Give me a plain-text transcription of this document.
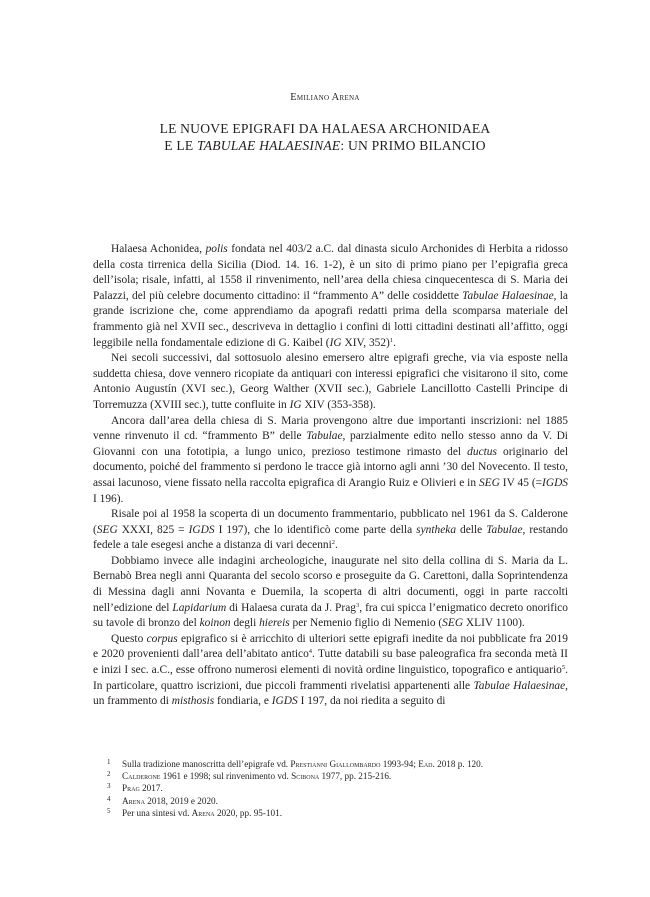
Emiliano Arena
LE NUOVE EPIGRAFI DA HALAESA ARCHONIDAEA
E LE TABULAE HALAESINAE: UN PRIMO BILANCIO

Halaesa Achonidea, polis fondata nel 403/2 a.C. dal dinasta siculo Archonides di Herbita a ridosso della costa tirrenica della Sicilia (Diod. 14. 16. 1-2), è un sito di primo piano per l’epigrafia greca dell’isola; risale, infatti, al 1558 il rinvenimento, nell’area della chiesa cinquecentesca di S. Maria dei Palazzi, del più celebre documento cittadino: il “frammento A” delle cosiddette Tabulae Halaesinae, la grande iscrizione che, come apprendiamo da apografi redatti prima della scomparsa materiale del frammento già nel XVII sec., descriveva in dettaglio i confini di lotti cittadini destinati all’affitto, oggi leggibile nella fondamentale edizione di G. Kaibel (IG XIV, 352)$^1$.

Nei secoli successivi, dal sottosuolo alesino emersero altre epigrafi greche, via via esposte nella suddetta chiesa, dove vennero ricopiate da antiquari con interessi epigrafici che visitarono il sito, come Antonio Augustín (XVI sec.), Georg Walther (XVII sec.), Gabriele Lancillotto Castelli Principe di Torremuzza (XVIII sec.), tutte confluite in IG XIV (353-358).

Ancora dall’area della chiesa di S. Maria provengono altre due importanti inscrizioni: nel 1885 venne rinvenuto il cd. “frammento B” delle Tabulae, parzialmente edito nello stesso anno da V. Di Giovanni con una fototipia, a lungo unico, prezioso testimone rimasto del ductus originario del documento, poiché del frammento si perdono le tracce già intorno agli anni ’30 del Novecento. Il testo, assai lacunoso, viene fissato nella raccolta epigrafica di Arangio Ruiz e Olivieri e in SEG IV 45 (=IGDS I 196).

Risale poi al 1958 la scoperta di un documento frammentario, pubblicato nel 1961 da S. Calderone (SEG XXXI, 825 = IGDS I 197), che lo identificò come parte della syntheka delle Tabulae, restando fedele a tale esegesi anche a distanza di vari decenni$^2$.

Dobbiamo invece alle indagini archeologiche, inaugurate nel sito della collina di S. Maria da L. Bernabò Brea negli anni Quaranta del secolo scorso e proseguite da G. Carettoni, dalla Soprintendenza di Messina dagli anni Novanta e Duemila, la scoperta di altri documenti, oggi in parte raccolti nell’edizione del Lapidarium di Halaesa curata da J. Prag$^3$, fra cui spicca l’enigmatico decreto onorifico su tavole di bronzo del koinon degli hiereis per Nemenio figlio di Nemenio (SEG XLIV 1100).

Questo corpus epigrafico si è arricchito di ulteriori sette epigrafi inedite da noi pubblicate fra 2019 e 2020 provenienti dall’area dell’abitato antico$^4$. Tutte databili su base paleografica fra seconda metà II e inizi I sec. a.C., esse offrono numerosi elementi di novità ordine linguistico, topografico e antiquario$^5$. In particolare, quattro iscrizioni, due piccoli frammenti rivelatisi appartenenti alle Tabulae Halaesinae, un frammento di misthosis fondiaria, e IGDS I 197, da noi riedita a seguito di

1 Sulla tradizione manoscritta dell’epigrafe vd. Prestianni Giallombardo 1993-94; Ead. 2018 p. 120.
2 Calderone 1961 e 1998; sul rinvenimento vd. Scibona 1977, pp. 215-216.
3 Prag 2017.
4 Arena 2018, 2019 e 2020.
5 Per una sintesi vd. Arena 2020, pp. 95-101.
